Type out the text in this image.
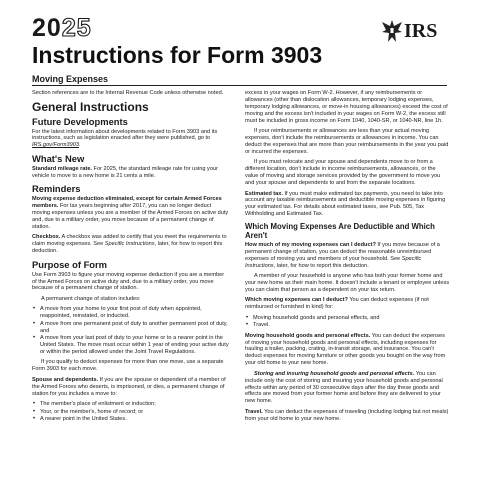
2025
Instructions for Form 3903
Moving Expenses
IRS

Section references are to the Internal Revenue Code unless otherwise noted.

General Instructions
Future Developments

For the latest information about developments related to Form 3903 and its instructions, such as legislation enacted after they were published, go to IRS.gov/Form3903.

What's New

Standard mileage rate. For 2025, the standard mileage rate for using your vehicle to move to a new home is 21 cents a mile.

Reminders

Moving expense deduction eliminated, except for certain Armed Forces members. For tax years beginning after 2017, you can no longer deduct moving expenses unless you are a member of the Armed Forces on active duty and, due to a military order, you move because of a permanent change of station.

Checkbox. A checkbox was added to certify that you meet the requirements to claim moving expenses. See Specific Instructions, later, for how to report this deduction.

Purpose of Form

Use Form 3903 to figure your moving expense deduction if you are a member of the Armed Forces on active duty and, due to a military order, you move because of a permanent change of station.

A permanent change of station includes:

• A move from your home to your first post of duty when appointed, reappointed, reinstated, or inducted.
• A move from one permanent post of duty to another permanent post of duty, and
• A move from your last post of duty to your home or to a nearer point in the United States. The move must occur within 1 year of ending your active duty or within the period allowed under the Joint Travel Regulations.

If you qualify to deduct expenses for more than one move, use a separate Form 3903 for each move.

Spouse and dependents. If you are the spouse or dependent of a member of the Armed Forces who deserts, is imprisoned, or dies, a permanent change of station for you includes a move to:

• The member's place of enlistment or induction;
• Your, or the member's, home of record; or
• A nearer point in the United States.

excess in your wages on Form W-2. However, if any reimbursements or allowances (other than dislocation allowances, temporary lodging expenses, temporary lodging allowances, or move-in housing allowances) exceed the cost of moving and the excess isn't included in your wages on Form W-2, the excess still must be included in gross income on Form 1040, 1040-SR, or 1040-NR, line 1h.

If your reimbursements or allowances are less than your actual moving expenses, don't include the reimbursements or allowances in income. You can deduct the expenses that are more than your reimbursements in the year you paid or incurred the expenses.

If you must relocate and your spouse and dependents move to or from a different location, don't include in income reimbursements, allowances, or the value of moving and storage services provided by the government to move you and your spouse and dependents to and from the separate locations.

Estimated tax. If you must make estimated tax payments, you need to take into account any taxable reimbursements and deductible moving expenses in figuring your estimated tax. For details about estimated taxes, see Pub. 505, Tax Withholding and Estimated Tax.

Which Moving Expenses Are Deductible and Which Aren't

How much of my moving expenses can I deduct? If you move because of a permanent change of station, you can deduct the reasonable unreimbursed expenses of moving you and members of your household. See Specific Instructions, later, for how to report this deduction.

A member of your household is anyone who has both your former home and your new home as their main home. It doesn't include a tenant or employee unless you can claim that person as a dependent on your tax return.

Which moving expenses can I deduct? You can deduct expenses (if not reimbursed or furnished in kind) for:

• Moving household goods and personal effects, and
• Travel.

Moving household goods and personal effects. You can deduct the expenses of moving your household goods and personal effects, including expenses for hauling a trailer, packing, crating, in-transit storage, and insurance. You can't deduct expenses for moving furniture or other goods you bought on the way from your old home to your new home.

Storing and insuring household goods and personal effects. You can include only the cost of storing and insuring your household goods and personal effects within any period of 30 consecutive days after the day these goods and effects are moved from your former home and before they are delivered to your new home.

Travel. You can deduct the expenses of traveling (including lodging but not meals) from your old home to your new home.
